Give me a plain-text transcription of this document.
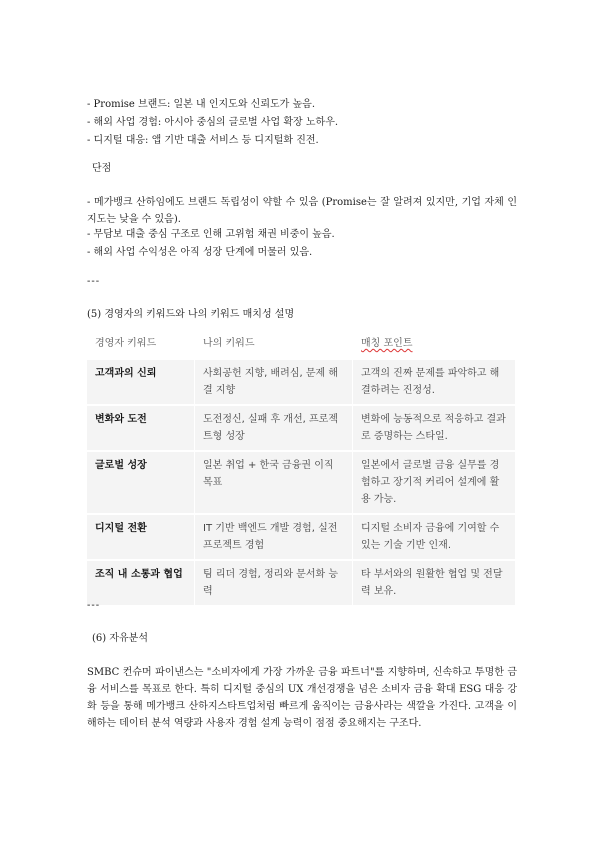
- Promise 브랜드: 일본 내 인지도와 신뢰도가 높음.
- 해외 사업 경험: 아시아 중심의 글로벌 사업 확장 노하우.
- 디지털 대응: 앱 기반 대출 서비스 등 디지털화 진전.
단점
- 메가뱅크 산하임에도 브랜드 독립성이 약할 수 있음 (Promise는 잘 알려져 있지만, 기업 자체 인지도는 낮을 수 있음).
- 무담보 대출 중심 구조로 인해 고위험 채권 비중이 높음.
- 해외 사업 수익성은 아직 성장 단계에 머물러 있음.
---
(5) 경영자의 키워드와 나의 키워드 매치성 설명
경영자 키워드	나의 키워드	매칭 포인트
고객과의 신뢰	사회공헌 지향, 배려심, 문제 해결 지향	고객의 진짜 문제를 파악하고 해결하려는 진정성.
변화와 도전	도전정신, 실패 후 개선, 프로젝트형 성장	변화에 능동적으로 적응하고 결과로 증명하는 스타일.
글로벌 성장	일본 취업 + 한국 금융권 이직 목표	일본에서 글로벌 금융 실무를 경험하고 장기적 커리어 설계에 활용 가능.
디지털 전환	IT 기반 백엔드 개발 경험, 실전 프로젝트 경험	디지털 소비자 금융에 기여할 수 있는 기술 기반 인재.
조직 내 소통과 협업	팀 리더 경험, 정리와 문서화 능력	타 부서와의 원활한 협업 및 전달력 보유.
---
(6) 자유분석
SMBC 컨슈머 파이낸스는 "소비자에게 가장 가까운 금융 파트너"를 지향하며, 신속하고 투명한 금융 서비스를 목표로 한다. 특히 디지털 중심의 UX 개선경쟁을 넘은 소비자 금융 확대 ESG 대응 강화 등을 통해 메가뱅크 산하지스타트업처럼 빠르게 움직이는 금융사라는 색깔을 가진다. 고객을 이해하는 데이터 분석 역량과 사용자 경험 설계 능력이 점점 중요해지는 구조다.
